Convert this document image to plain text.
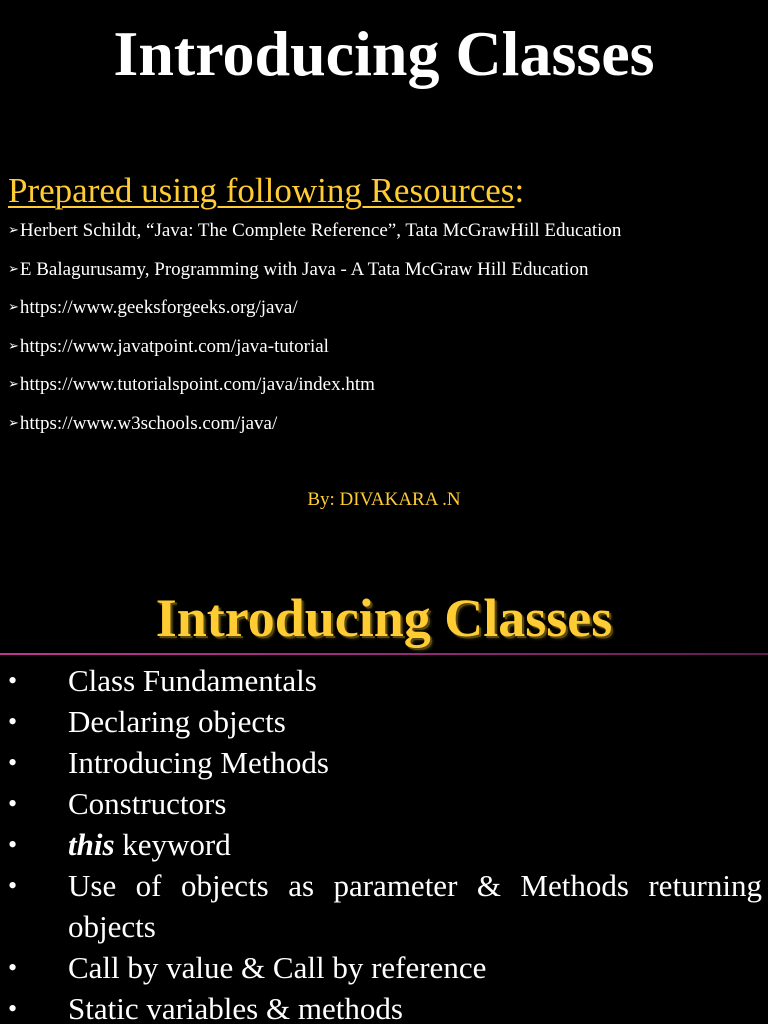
Introducing Classes

Prepared using following Resources:

➢ Herbert Schildt, “Java: The Complete Reference”, Tata McGrawHill Education
➢ E Balagurusamy, Programming with Java - A Tata McGraw Hill Education
➢ https://www.geeksforgeeks.org/java/
➢ https://www.javatpoint.com/java-tutorial
➢ https://www.tutorialspoint.com/java/index.htm
➢ https://www.w3schools.com/java/

By: DIVAKARA .N

Introducing Classes
• Class Fundamentals
• Declaring objects
• Introducing Methods
• Constructors
• this keyword
• Use of objects as parameter & Methods returning objects
• Call by value & Call by reference
• Static variables & methods
